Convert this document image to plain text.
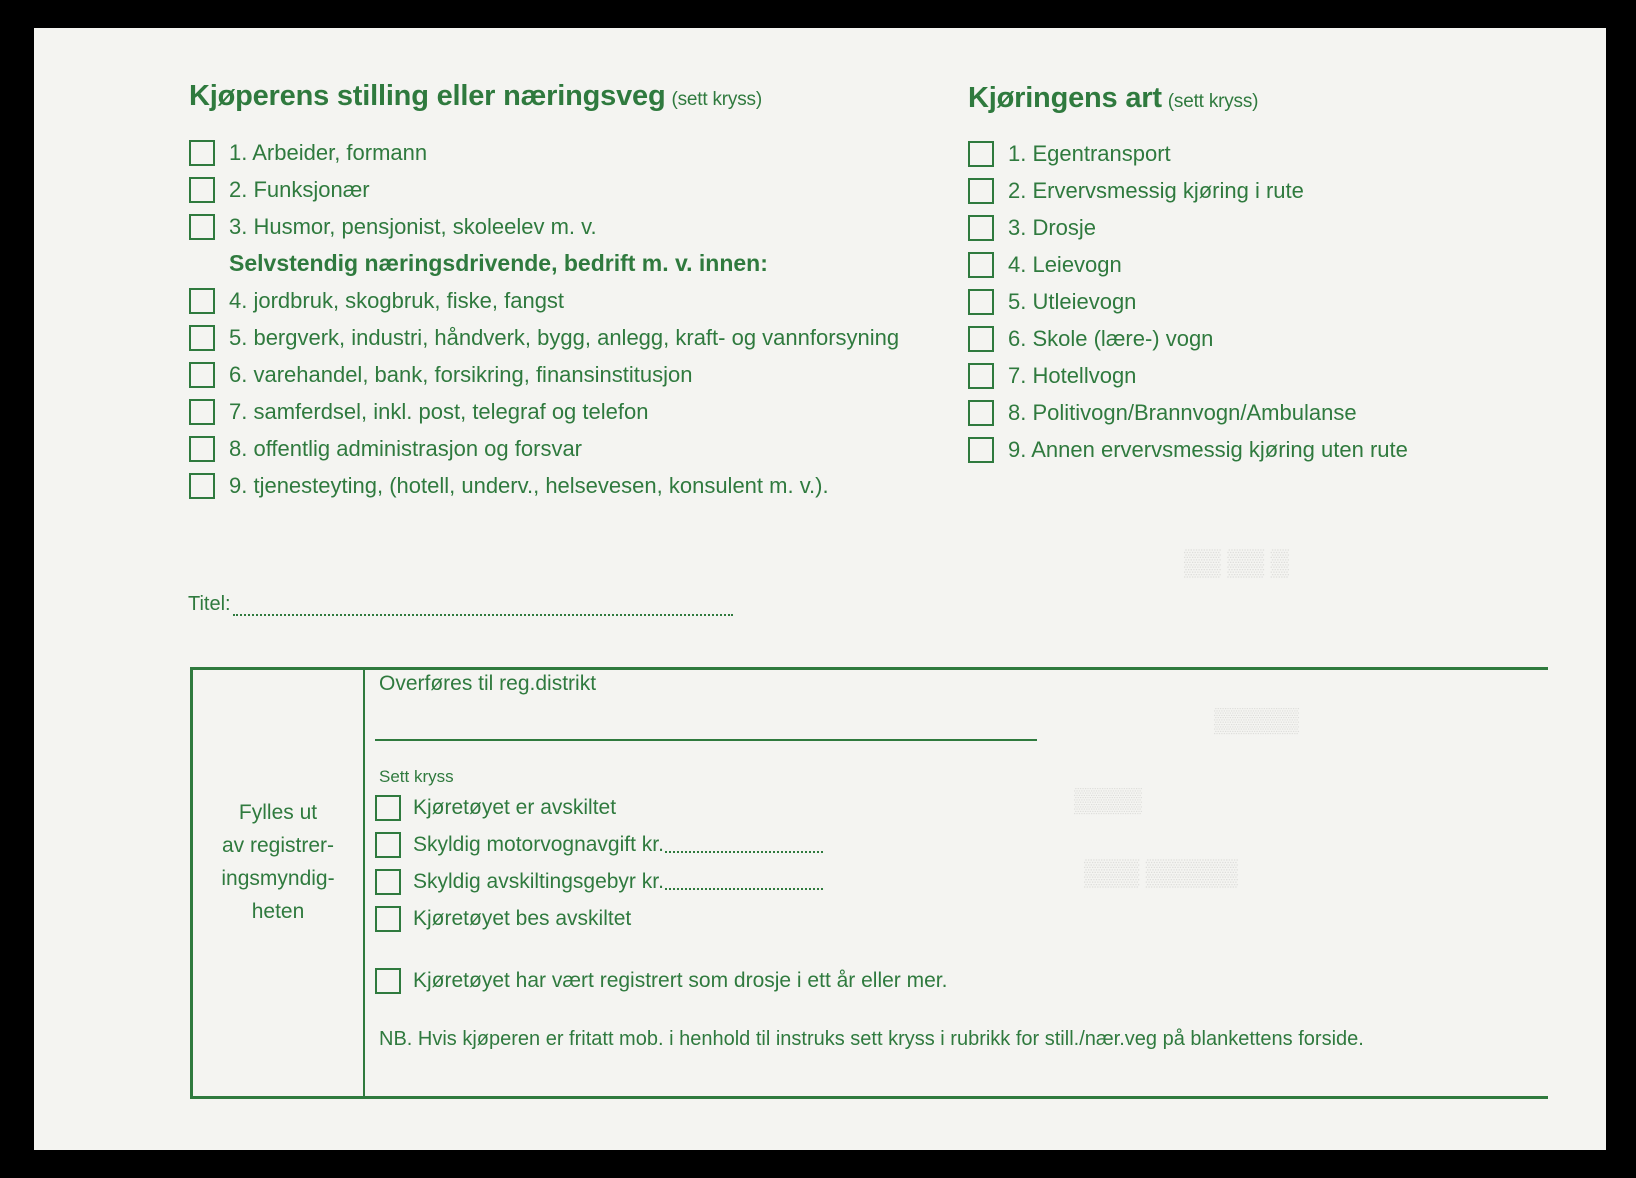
▒▒ ▒▒ ▒
▒▒▒▒▒
▒▒▒▒
▒▒▒ ▒▒▒▒▒
Kjøperens stilling eller næringsveg (sett kryss)
1. Arbeider, formann
2. Funksjonær
3. Husmor, pensjonist, skoleelev m. v.
Selvstendig næringsdrivende, bedrift m. v. innen:
4. jordbruk, skogbruk, fiske, fangst
5. bergverk, industri, håndverk, bygg, anlegg, kraft- og vannforsyning
6. varehandel, bank, forsikring, finansinstitusjon
7. samferdsel, inkl. post, telegraf og telefon
8. offentlig administrasjon og forsvar
9. tjenesteyting, (hotell, underv., helsevesen, konsulent m. v.).
Kjøringens art (sett kryss)
1. Egentransport
2. Ervervsmessig kjøring i rute
3. Drosje
4. Leievogn
5. Utleievogn
6. Skole (lære-) vogn
7. Hotellvogn
8. Politivogn/Brannvogn/Ambulanse
9. Annen ervervsmessig kjøring uten rute
Titel:
Fylles ut
av registrer-
ingsmyndig-
heten
Overføres til reg.distrikt
Sett kryss
Kjøretøyet er avskiltet
Skyldig motorvognavgift kr.
Skyldig avskiltingsgebyr kr.
Kjøretøyet bes avskiltet
Kjøretøyet har vært registrert som drosje i ett år eller mer.
NB. Hvis kjøperen er fritatt mob. i henhold til instruks sett kryss i rubrikk for still./nær.veg på blankettens forside.
